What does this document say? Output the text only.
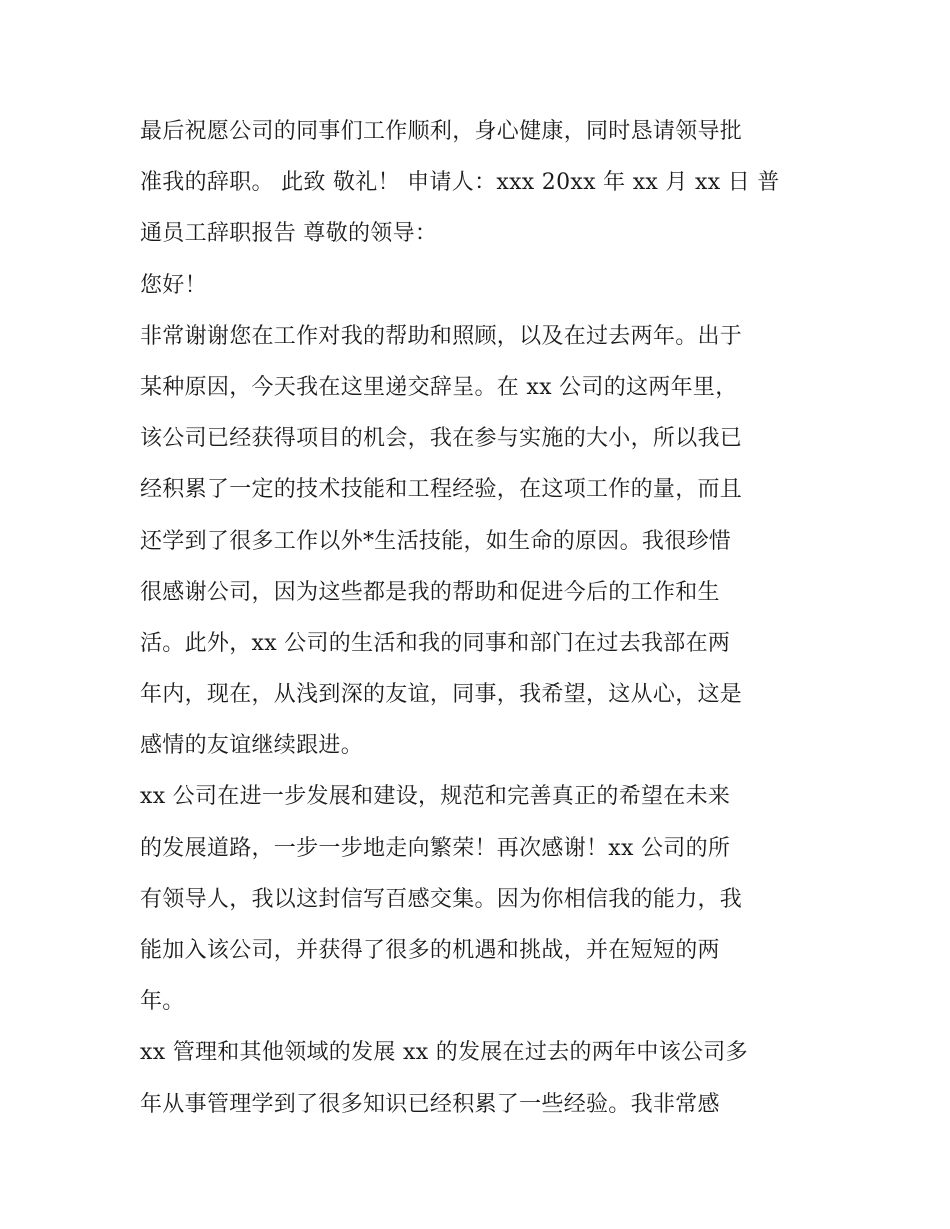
最后祝愿公司的同事们工作顺利，身心健康，同时恳请领导批
准我的辞职。 此致 敬礼！ 申请人：xxx 20xx 年 xx 月 xx 日 普
通员工辞职报告 尊敬的领导：
您好！
非常谢谢您在工作对我的帮助和照顾，以及在过去两年。出于
某种原因，今天我在这里递交辞呈。在 xx 公司的这两年里，
该公司已经获得项目的机会，我在参与实施的大小，所以我已
经积累了一定的技术技能和工程经验，在这项工作的量，而且
还学到了很多工作以外*生活技能，如生命的原因。我很珍惜
很感谢公司，因为这些都是我的帮助和促进今后的工作和生
活。此外，xx 公司的生活和我的同事和部门在过去我部在两
年内，现在，从浅到深的友谊，同事，我希望，这从心，这是
感情的友谊继续跟进。
xx 公司在进一步发展和建设，规范和完善真正的希望在未来
的发展道路，一步一步地走向繁荣！再次感谢！xx 公司的所
有领导人，我以这封信写百感交集。因为你相信我的能力，我
能加入该公司，并获得了很多的机遇和挑战，并在短短的两
年。
xx 管理和其他领域的发展 xx 的发展在过去的两年中该公司多
年从事管理学到了很多知识已经积累了一些经验。我非常感
